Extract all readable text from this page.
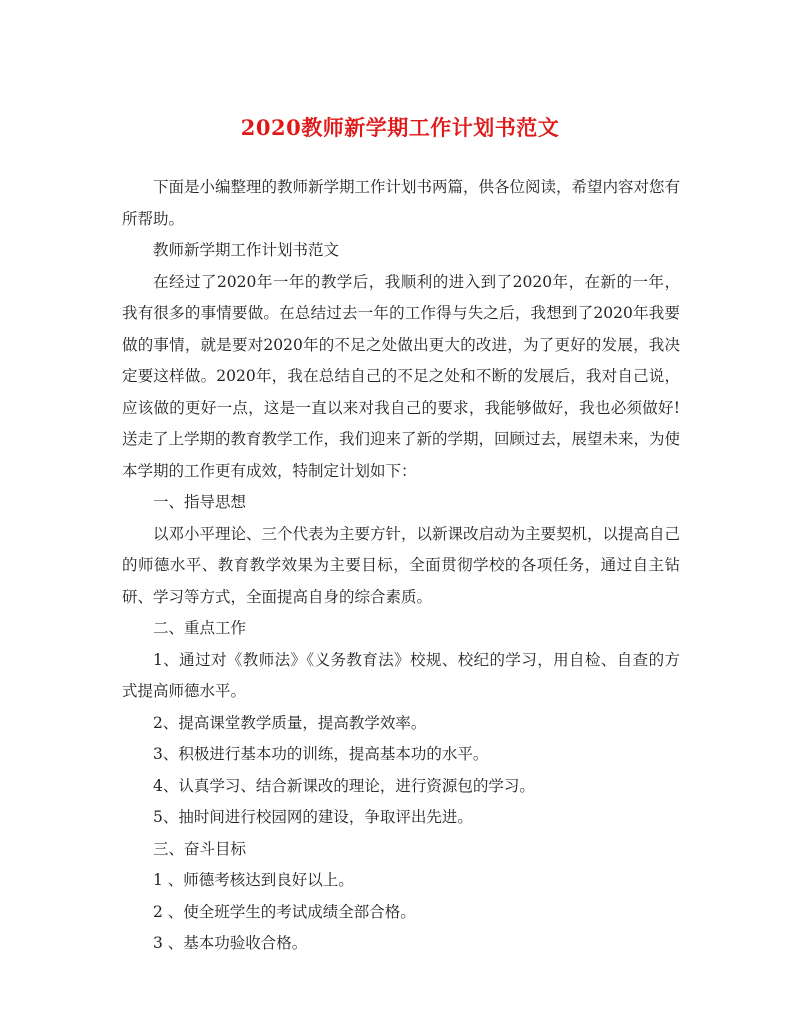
2020教师新学期工作计划书范文

下面是小编整理的教师新学期工作计划书两篇，供各位阅读，希望内容对您有所帮助。

教师新学期工作计划书范文

在经过了2020年一年的教学后，我顺利的进入到了2020年，在新的一年，我有很多的事情要做。在总结过去一年的工作得与失之后，我想到了2020年我要做的事情，就是要对2020年的不足之处做出更大的改进，为了更好的发展，我决定要这样做。2020年，我在总结自己的不足之处和不断的发展后，我对自己说，应该做的更好一点，这是一直以来对我自己的要求，我能够做好，我也必须做好!送走了上学期的教育教学工作，我们迎来了新的学期，回顾过去，展望未来，为使本学期的工作更有成效，特制定计划如下：

一、指导思想

以邓小平理论、三个代表为主要方针，以新课改启动为主要契机，以提高自己的师德水平、教育教学效果为主要目标，全面贯彻学校的各项任务，通过自主钻研、学习等方式，全面提高自身的综合素质。

二、重点工作

1、通过对《教师法》《义务教育法》校规、校纪的学习，用自检、自查的方式提高师德水平。

2、提高课堂教学质量，提高教学效率。

3、积极进行基本功的训练，提高基本功的水平。

4、认真学习、结合新课改的理论，进行资源包的学习。

5、抽时间进行校园网的建设，争取评出先进。

三、奋斗目标

1 、师德考核达到良好以上。

2 、使全班学生的考试成绩全部合格。

3 、基本功验收合格。
